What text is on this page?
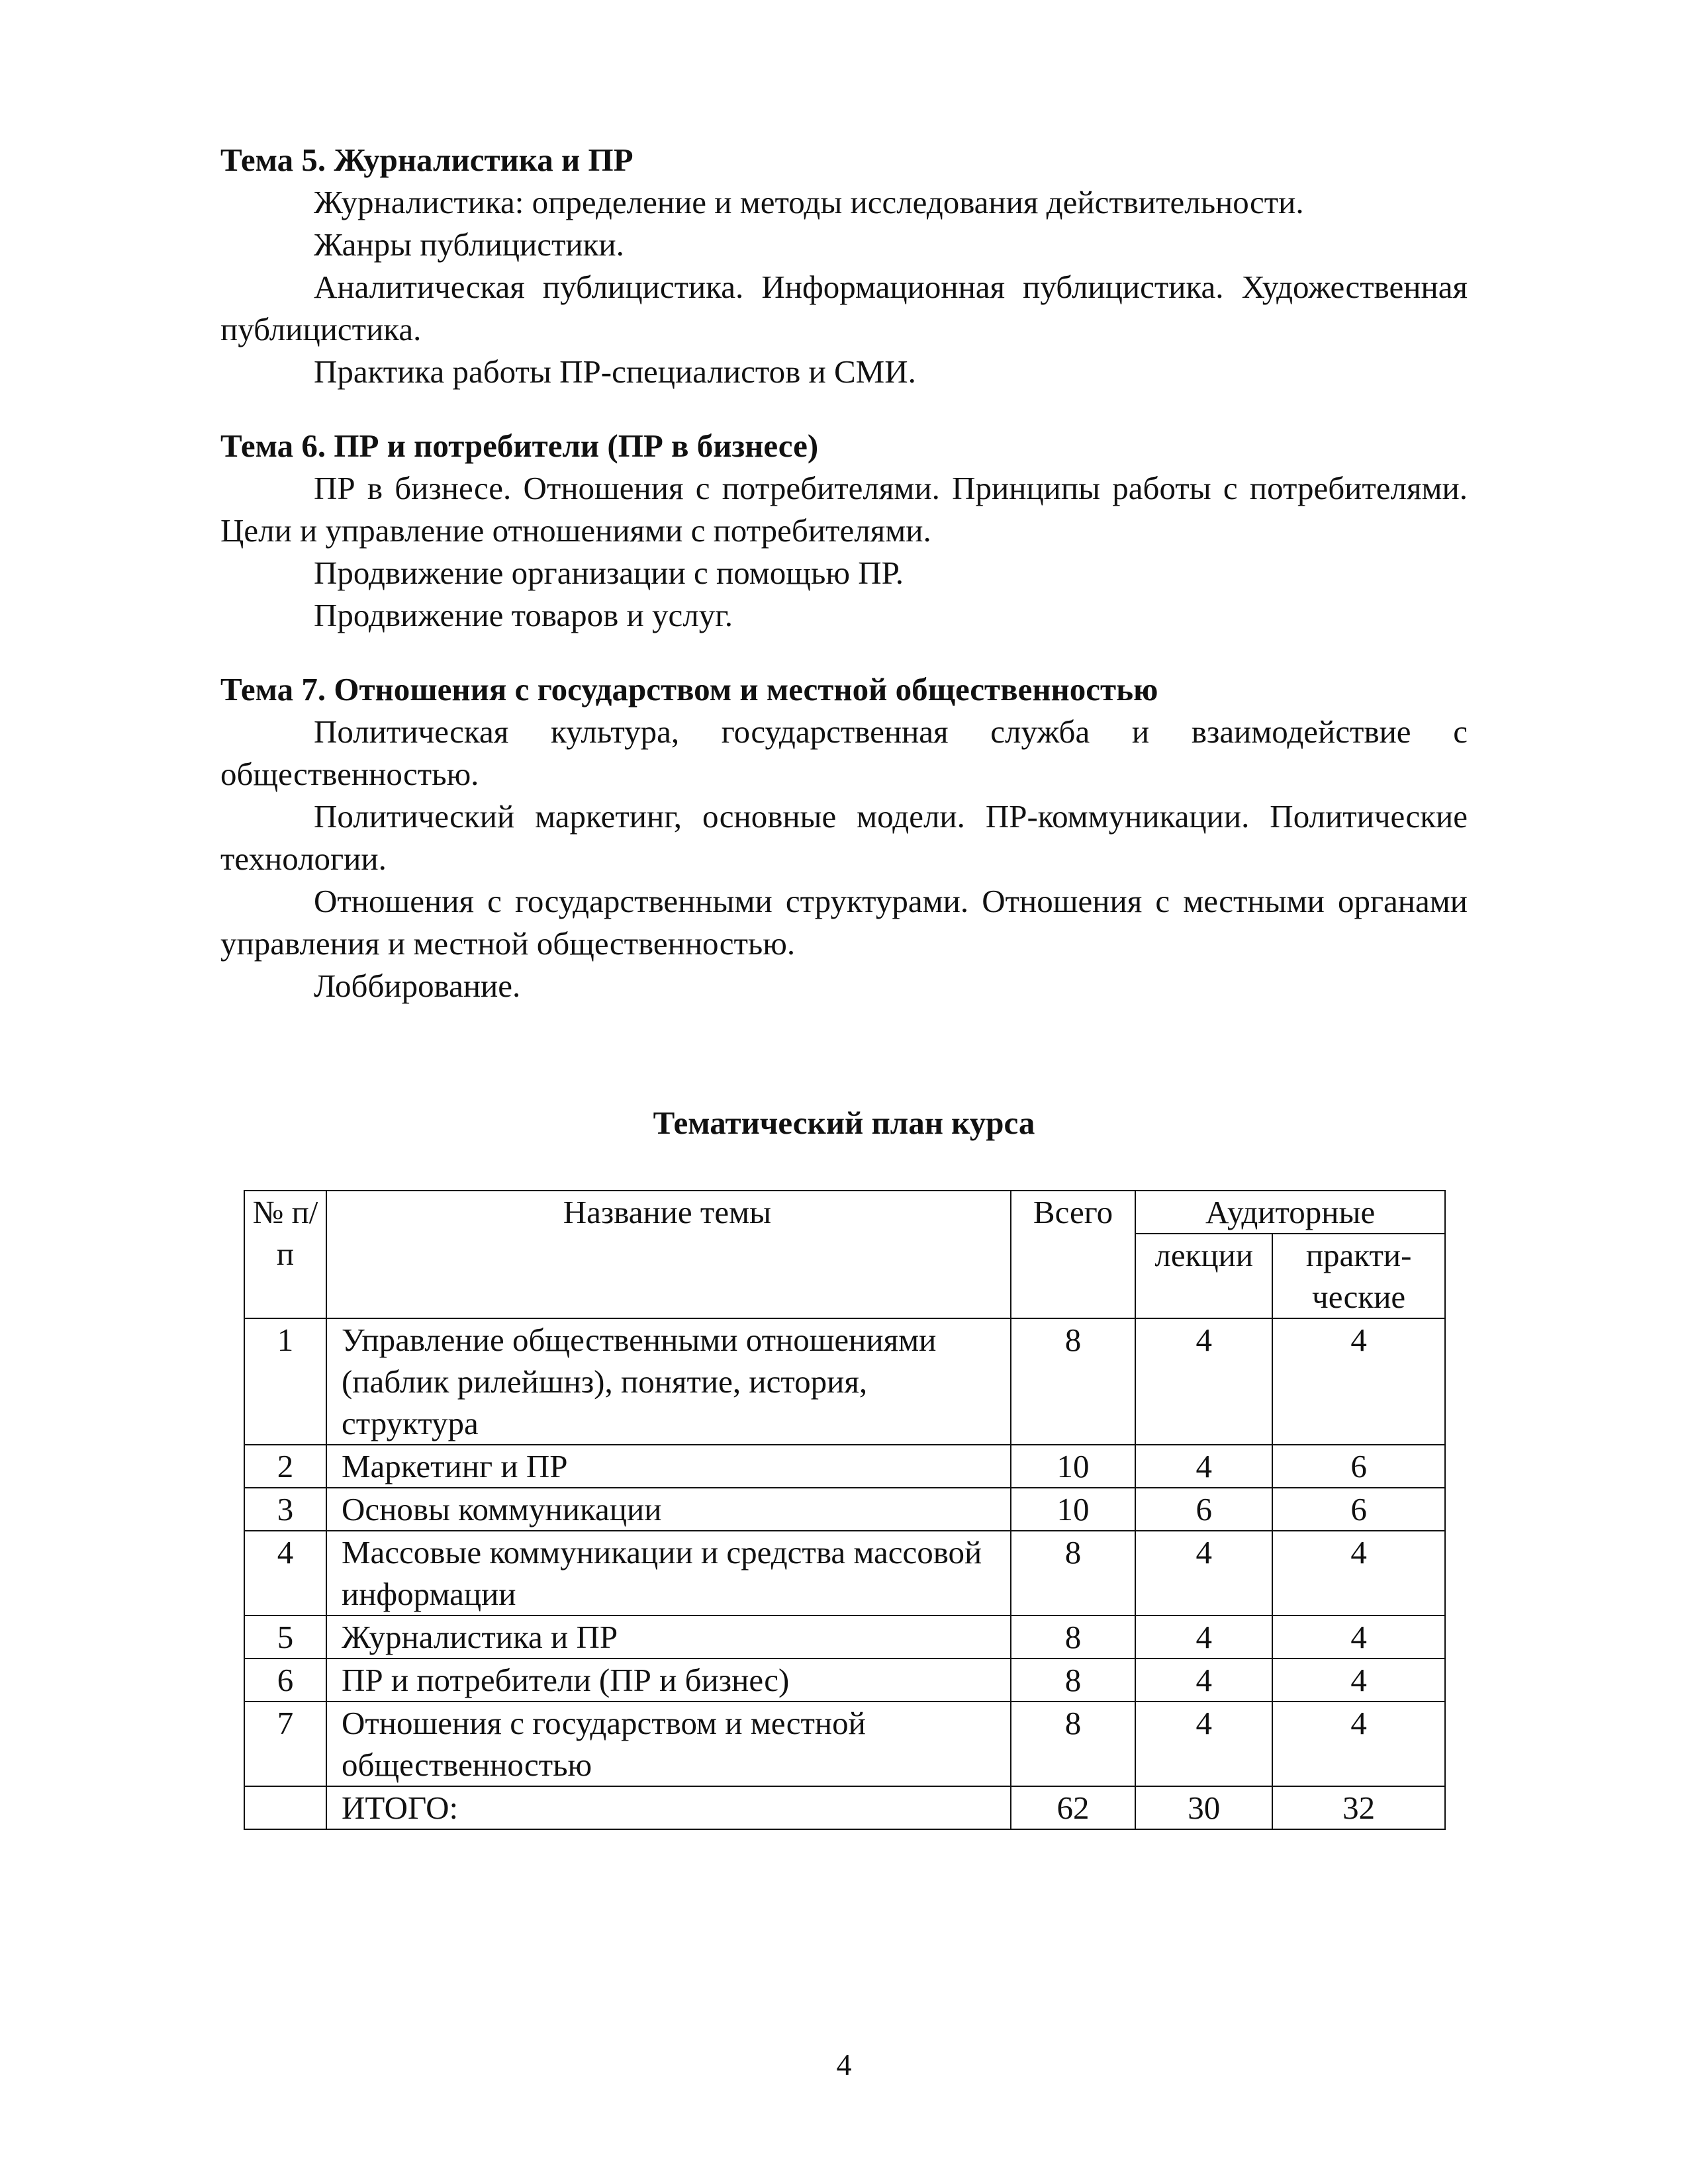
Тема 5. Журналистика и ПР

Журналистика: определение и методы исследования действительности.

Жанры публицистики.

Аналитическая публицистика. Информационная публицистика. Художественная публицистика.

Практика работы ПР-специалистов и СМИ.

Тема 6. ПР и потребители (ПР в бизнесе)

ПР в бизнесе. Отношения с потребителями. Принципы работы с потребителями. Цели и управление отношениями с потребителями.

Продвижение организации с помощью ПР.

Продвижение товаров и услуг.

Тема 7. Отношения с государством и местной общественностью

Политическая культура, государственная служба и взаимодействие с общественностью.

Политический маркетинг, основные модели. ПР-коммуникации. Политические технологии.

Отношения с государственными структурами. Отношения с местными органами управления и местной общественностью.

Лоббирование.

Тематический план курса
№ п/п	Название темы	Всего	Аудиторные	
			лекции	практи-ческие
1	Управление общественными отношениями (паблик рилейшнз), понятие, история, структура	8	4	4
2	Маркетинг и ПР	10	4	6
3	Основы коммуникации	10	6	6
4	Массовые коммуникации и средства массовой информации	8	4	4
5	Журналистика и ПР	8	4	4
6	ПР и потребители (ПР и бизнес)	8	4	4
7	Отношения с государством и местной общественностью	8	4	4
	ИТОГО:	62	30	32
4
